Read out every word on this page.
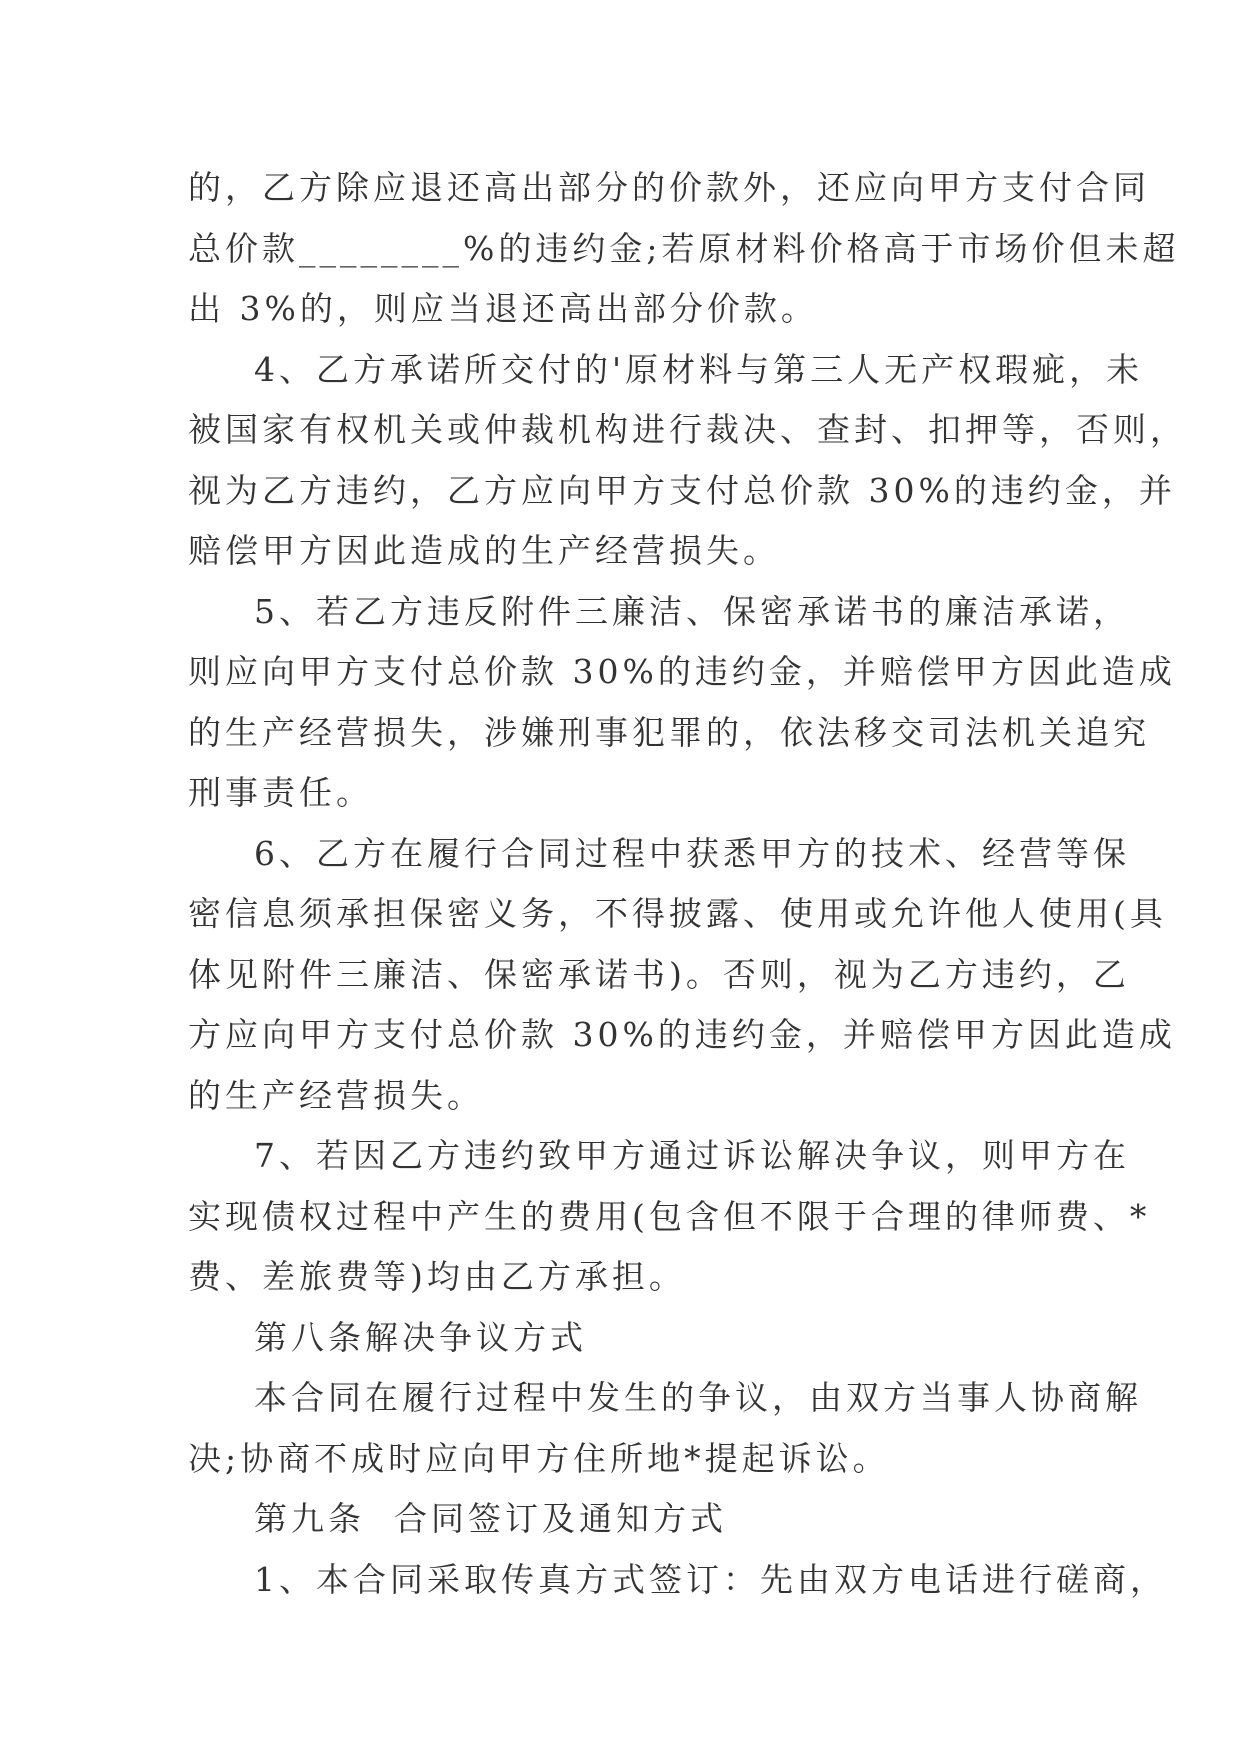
的，乙方除应退还高出部分的价款外，还应向甲方支付合同
总价款________%的违约金;若原材料价格高于市场价但未超
出 3%的，则应当退还高出部分价款。
4、乙方承诺所交付的'原材料与第三人无产权瑕疵，未
被国家有权机关或仲裁机构进行裁决、查封、扣押等，否则，
视为乙方违约，乙方应向甲方支付总价款 30%的违约金，并
赔偿甲方因此造成的生产经营损失。
5、若乙方违反附件三廉洁、保密承诺书的廉洁承诺，
则应向甲方支付总价款 30%的违约金，并赔偿甲方因此造成
的生产经营损失，涉嫌刑事犯罪的，依法移交司法机关追究
刑事责任。
6、乙方在履行合同过程中获悉甲方的技术、经营等保
密信息须承担保密义务，不得披露、使用或允许他人使用(具
体见附件三廉洁、保密承诺书)。否则，视为乙方违约，乙
方应向甲方支付总价款 30%的违约金，并赔偿甲方因此造成
的生产经营损失。
7、若因乙方违约致甲方通过诉讼解决争议，则甲方在
实现债权过程中产生的费用(包含但不限于合理的律师费、*
费、差旅费等)均由乙方承担。
第八条解决争议方式
本合同在履行过程中发生的争议，由双方当事人协商解
决;协商不成时应向甲方住所地*提起诉讼。
第九条  合同签订及通知方式
1、本合同采取传真方式签订：先由双方电话进行磋商，
